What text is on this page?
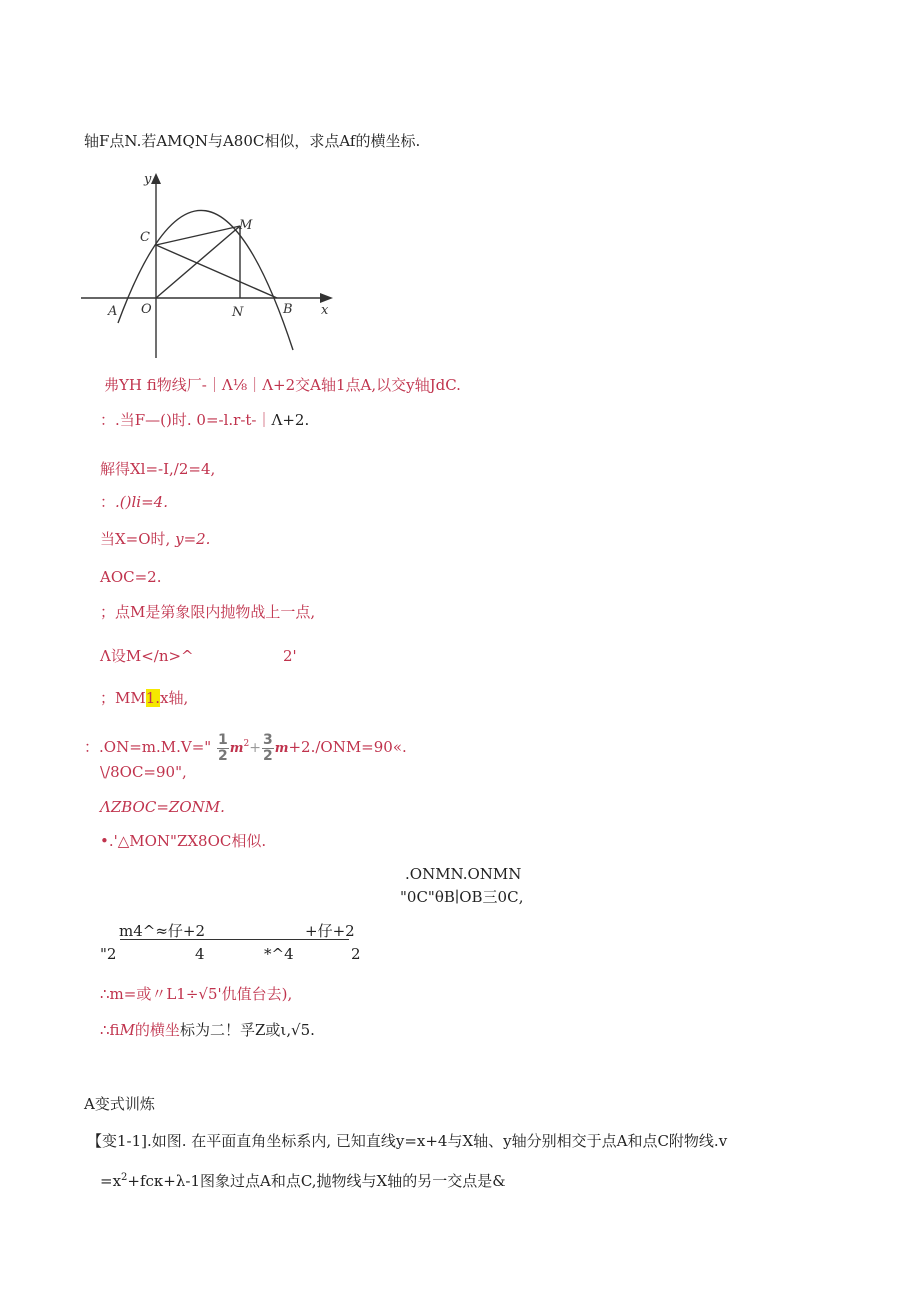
轴F点N.若AMQN与A80C相似，求点Af的横坐标.
y
C
M
A O	N	B x
弗YH fi物线厂-｜Λ⅛｜Λ+2交A轴1点A,以交y轴JdC.
：.当F—()时. 0=-l.r-t-｜Λ+2.
解得Xl=-I,/2=4,
：.()li=4.
当X=O时, y=2.
AOC=2.
；点M是第象限内抛物战上一点,
Λ设M</n>^	2'
；MM1.x轴,
：.ON=m.M.V=" $\frac{1}{2} m^2+ \frac{3}{2}$ m+2./ONM=90«.
\∕8OC=90",
ΛZBOC=ZONM.
•.'△MON"ZX8OC相似.
.ONMN.ONMN
"0C"θB∣OB三0C‚
m4^≈仔+2	+仔+2
"2	4	*^4	2
∴m=或〃L1÷√5'仇值台去),
∴fiM的横坐标为二！孚Z或ι‚√5.
A变式训炼
【变1-1].如图. 在平面直角坐标系内, 已知直线y=x+4与X轴、y轴分别相交于点A和点C附物线.v
$=x^2+fc\kappa+\lambda-1$图象过点A和点C,抛物线与X轴的另一交点是&
